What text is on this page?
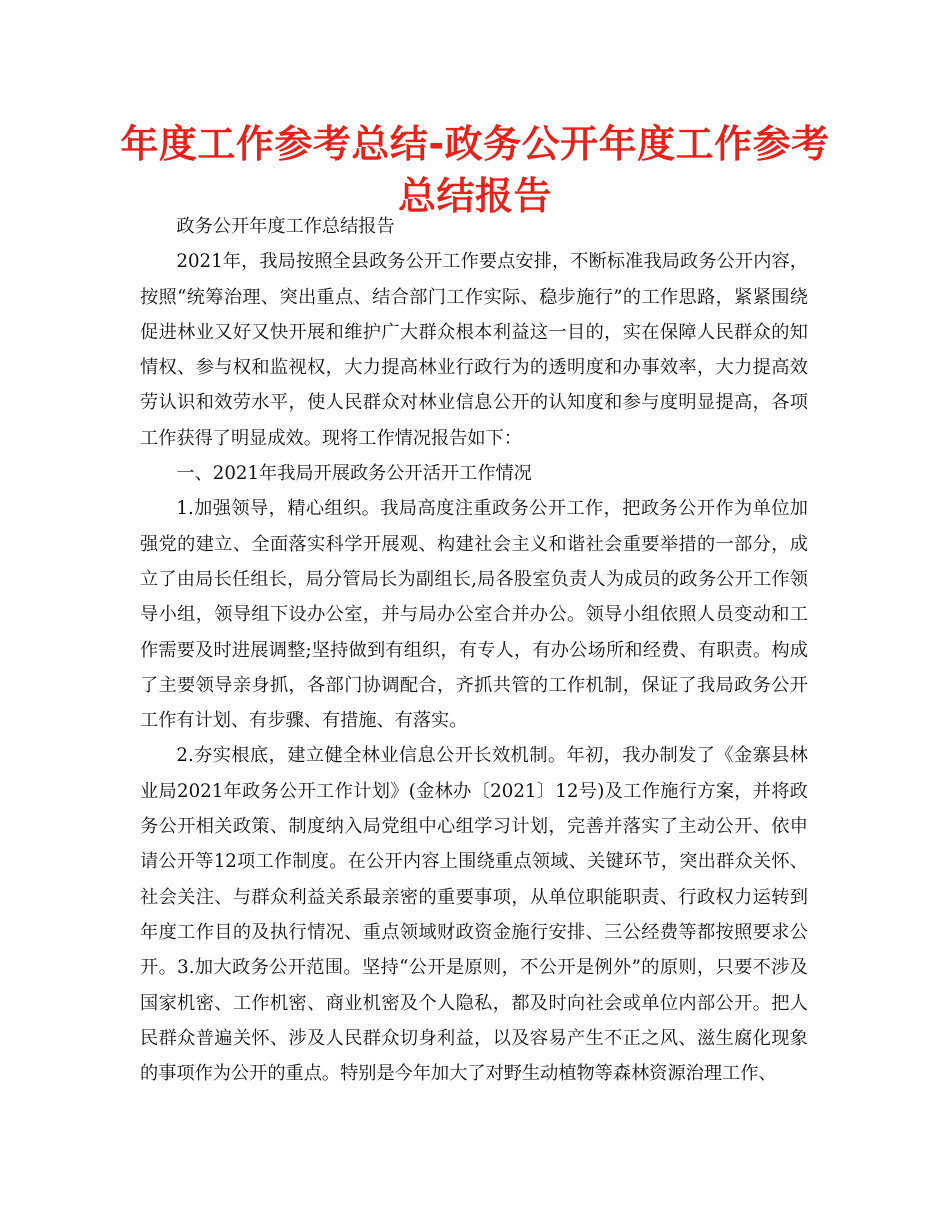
年度工作参考总结-政务公开年度工作参考总结报告

政务公开年度工作总结报告

2021年，我局按照全县政务公开工作要点安排，不断标准我局政务公开内容，按照“统筹治理、突出重点、结合部门工作实际、稳步施行”的工作思路，紧紧围绕促进林业又好又快开展和维护广大群众根本利益这一目的，实在保障人民群众的知情权、参与权和监视权，大力提高林业行政行为的透明度和办事效率，大力提高效劳认识和效劳水平，使人民群众对林业信息公开的认知度和参与度明显提高，各项工作获得了明显成效。现将工作情况报告如下：

一、2021年我局开展政务公开活开工作情况

1.加强领导，精心组织。我局高度注重政务公开工作，把政务公开作为单位加强党的建立、全面落实科学开展观、构建社会主义和谐社会重要举措的一部分，成立了由局长任组长，局分管局长为副组长,局各股室负责人为成员的政务公开工作领导小组，领导组下设办公室，并与局办公室合并办公。领导小组依照人员变动和工作需要及时进展调整;坚持做到有组织，有专人，有办公场所和经费、有职责。构成了主要领导亲身抓，各部门协调配合，齐抓共管的工作机制，保证了我局政务公开工作有计划、有步骤、有措施、有落实。

2.夯实根底，建立健全林业信息公开长效机制。年初，我办制发了《金寨县林业局2021年政务公开工作计划》(金林办〔2021〕12号)及工作施行方案，并将政务公开相关政策、制度纳入局党组中心组学习计划，完善并落实了主动公开、依申请公开等12项工作制度。在公开内容上围绕重点领域、关键环节，突出群众关怀、社会关注、与群众利益关系最亲密的重要事项，从单位职能职责、行政权力运转到年度工作目的及执行情况、重点领域财政资金施行安排、三公经费等都按照要求公开。3.加大政务公开范围。坚持“公开是原则，不公开是例外”的原则，只要不涉及国家机密、工作机密、商业机密及个人隐私，都及时向社会或单位内部公开。把人民群众普遍关怀、涉及人民群众切身利益，以及容易产生不正之风、滋生腐化现象的事项作为公开的重点。特别是今年加大了对野生动植物等森林资源治理工作、
